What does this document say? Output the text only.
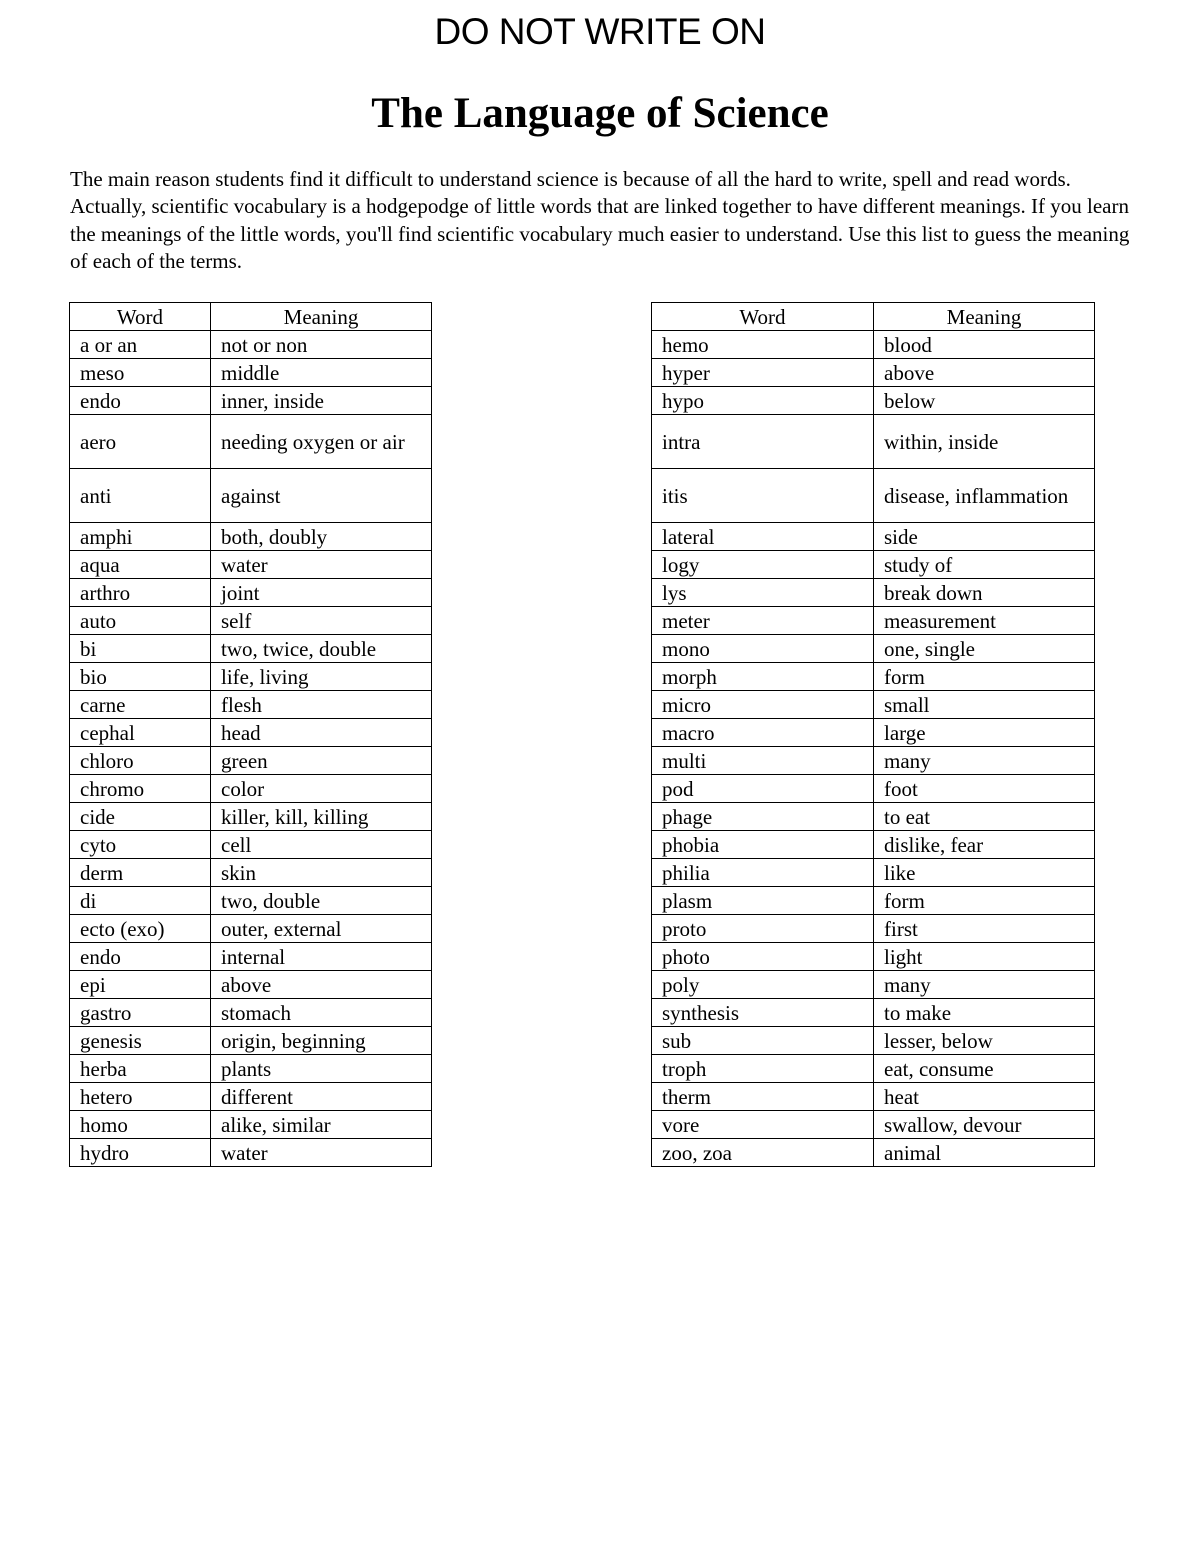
DO NOT WRITE ON
The Language of Science

The main reason students find it difficult to understand science is because of all the hard to write, spell and read words. Actually, scientific vocabulary is a hodgepodge of little words that are linked together to have different meanings. If you learn the meanings of the little words, you'll find scientific vocabulary much easier to understand. Use this list to guess the meaning of each of the terms.

Word	Meaning
a or an	not or non
meso	middle
endo	inner, inside
aero	needing oxygen or air
anti	against
amphi	both, doubly
aqua	water
arthro	joint
auto	self
bi	two, twice, double
bio	life, living
carne	flesh
cephal	head
chloro	green
chromo	color
cide	killer, kill, killing
cyto	cell
derm	skin
di	two, double
ecto (exo)	outer, external
endo	internal
epi	above
gastro	stomach
genesis	origin, beginning
herba	plants
hetero	different
homo	alike, similar
hydro	water
Word	Meaning
hemo	blood
hyper	above
hypo	below
intra	within, inside
itis	disease, inflammation
lateral	side
logy	study of
lys	break down
meter	measurement
mono	one, single
morph	form
micro	small
macro	large
multi	many
pod	foot
phage	to eat
phobia	dislike, fear
philia	like
plasm	form
proto	first
photo	light
poly	many
synthesis	to make
sub	lesser, below
troph	eat, consume
therm	heat
vore	swallow, devour
zoo, zoa	animal
